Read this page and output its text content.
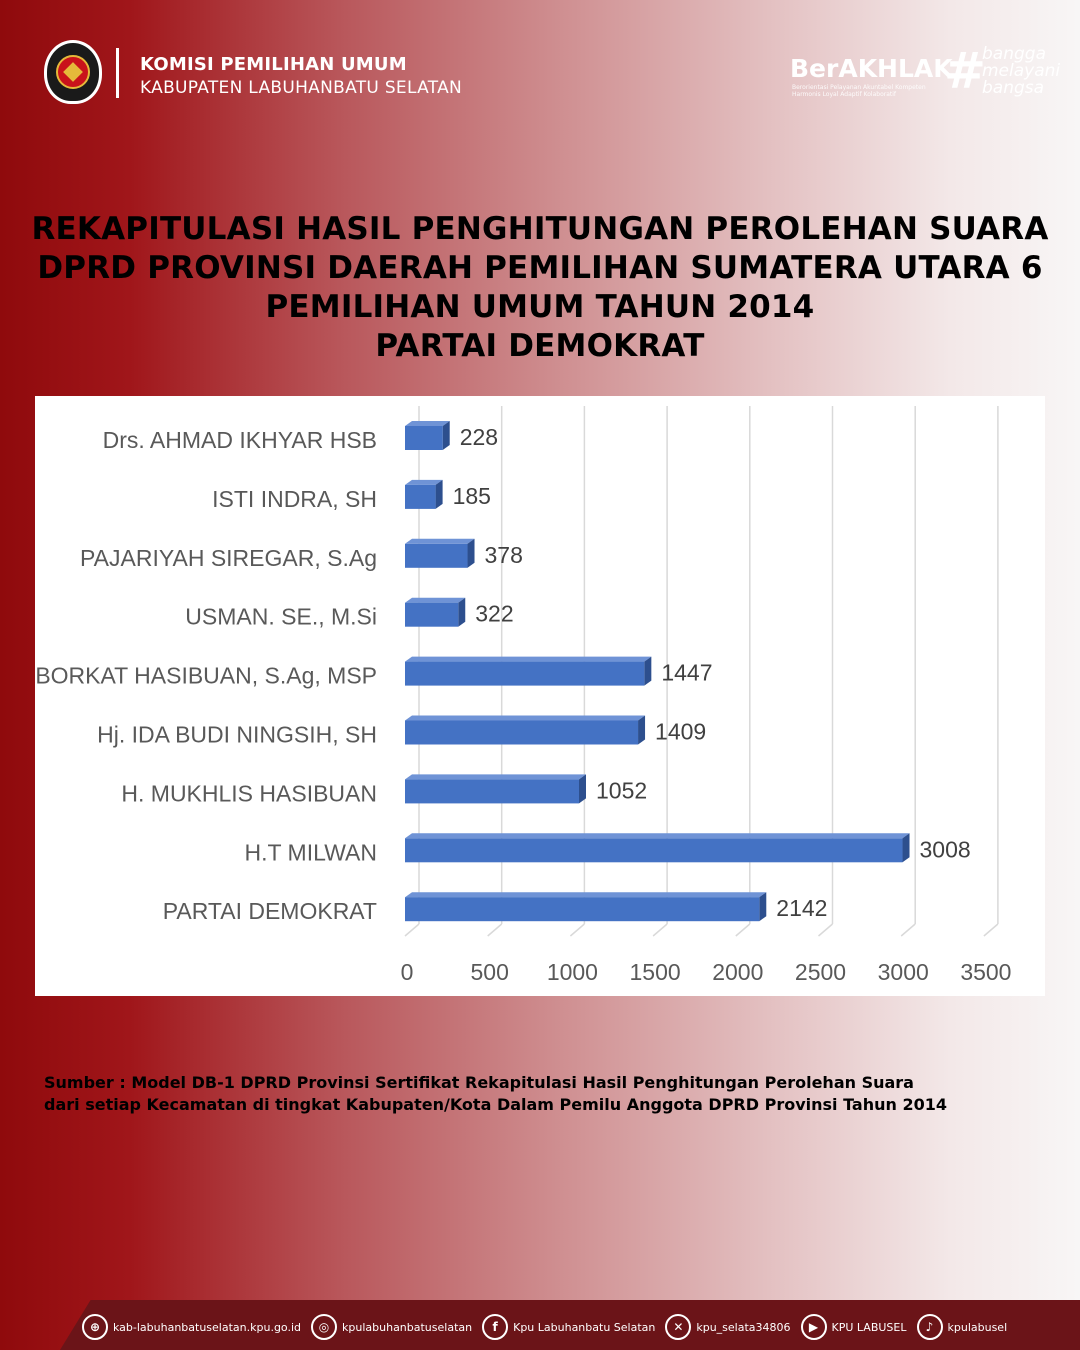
KOMISI PEMILIHAN UMUM
KABUPATEN LABUHANBATU SELATAN
BerAKHLAK
Berorientasi Pelayanan Akuntabel Kompeten Harmonis Loyal Adaptif Kolaboratif #
bangga
melayani
bangsa
REKAPITULASI HASIL PENGHITUNGAN PEROLEHAN SUARA
DPRD PROVINSI DAERAH PEMILIHAN SUMATERA UTARA 6
PEMILIHAN UMUM TAHUN 2014
PARTAI DEMOKRAT
0 500 1000 1500 2000 2500 3000 3500
228
Drs. AHMAD IKHYAR HSB
185
ISTI INDRA, SH
378
PAJARIYAH SIREGAR, S.Ag
322
USMAN. SE., M.Si
1447
BORKAT HASIBUAN, S.Ag, MSP
1409
Hj. IDA BUDI NINGSIH, SH
1052
H. MUKHLIS HASIBUAN
3008
H.T MILWAN
2142
PARTAI DEMOKRAT
Sumber : Model DB-1 DPRD Provinsi Sertifikat Rekapitulasi Hasil Penghitungan Perolehan Suara
dari setiap Kecamatan di tingkat Kabupaten/Kota Dalam Pemilu Anggota DPRD Provinsi Tahun 2014
⊕	kab-labuhanbatuselatan.kpu.go.id	◎	kpulabuhanbatuselatan	f	Kpu Labuhanbatu Selatan	✕	kpu_selata34806	▶	KPU LABUSEL	♪	kpulabusel
